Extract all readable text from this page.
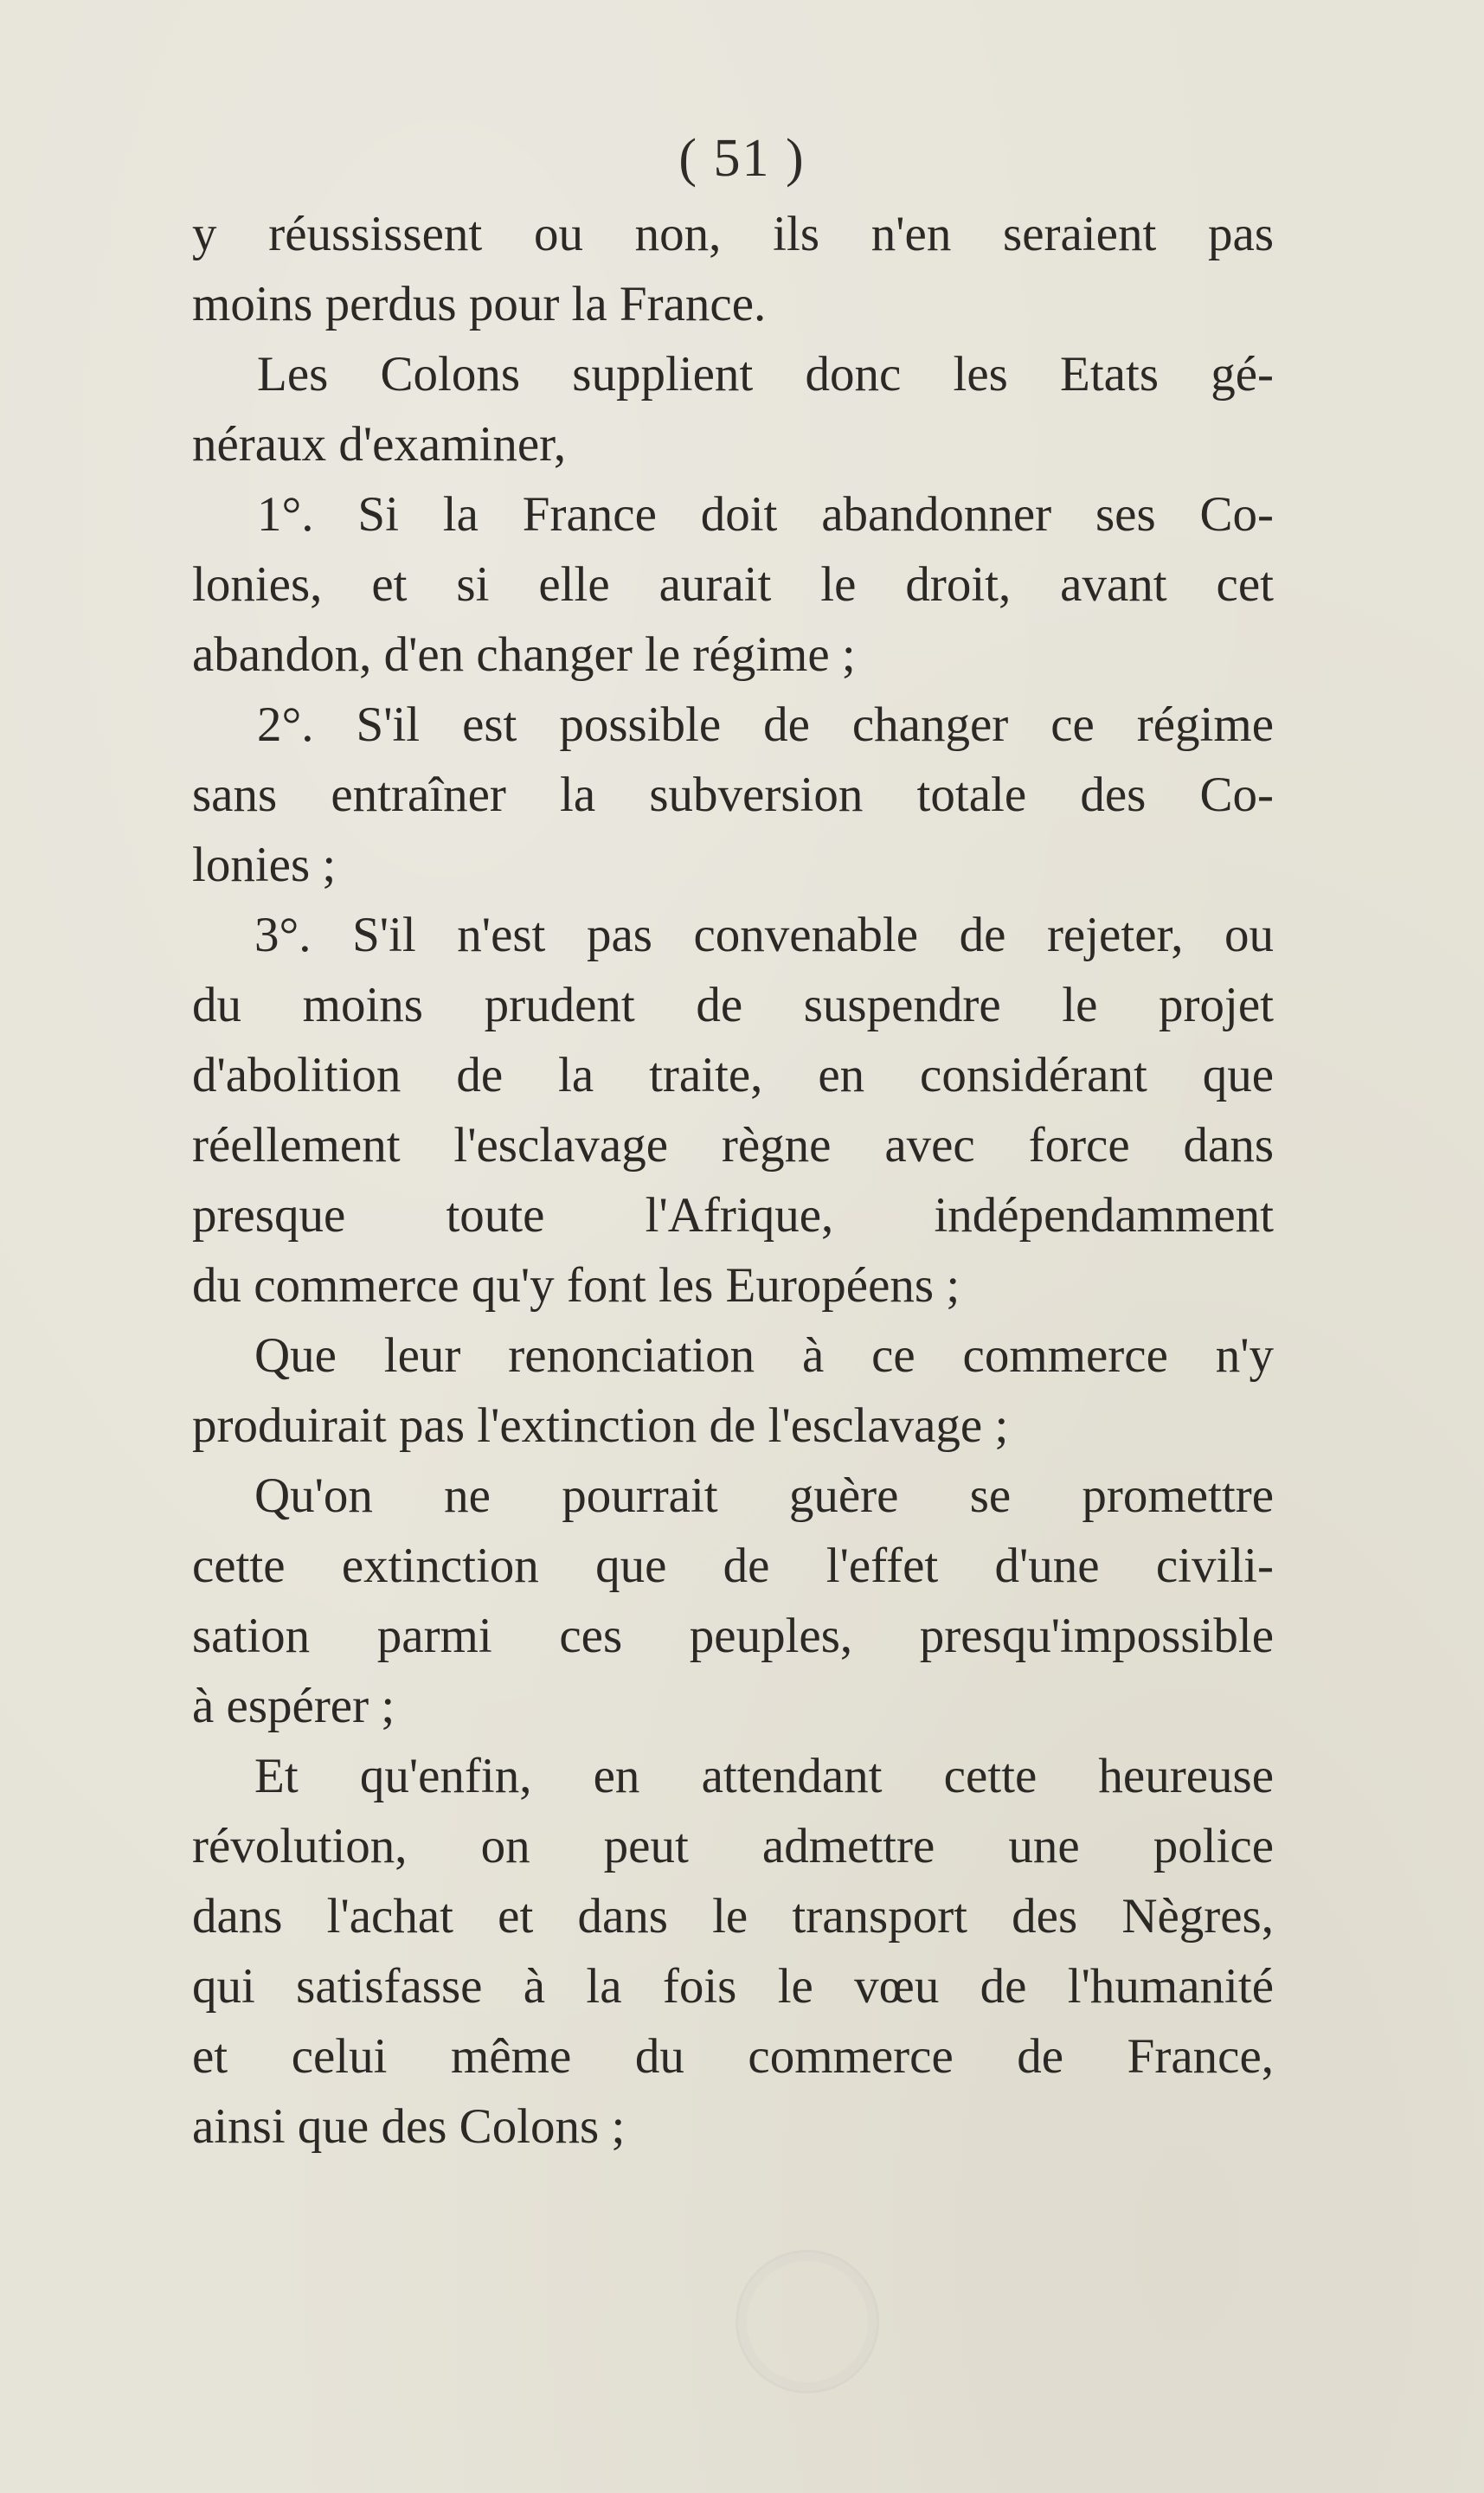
( 51 )
y réussissent ou non, ils n'en seraient pas
moins perdus pour la France.
Les Colons supplient donc les Etats gé-
néraux d'examiner,
1°. Si la France doit abandonner ses Co-
lonies, et si elle aurait le droit, avant cet
abandon, d'en changer le régime ;
2°. S'il est possible de changer ce régime
sans entraîner la subversion totale des Co-
lonies ;
3°. S'il n'est pas convenable de rejeter, ou
du moins prudent de suspendre le projet
d'abolition de la traite, en considérant que
réellement l'esclavage règne avec force dans
presque toute l'Afrique, indépendamment
du commerce qu'y font les Européens ;
Que leur renonciation à ce commerce n'y
produirait pas l'extinction de l'esclavage ;
Qu'on ne pourrait guère se promettre
cette extinction que de l'effet d'une civili-
sation parmi ces peuples, presqu'impossible
à espérer ;
Et qu'enfin, en attendant cette heureuse
révolution, on peut admettre une police
dans l'achat et dans le transport des Nègres,
qui satisfasse à la fois le vœu de l'humanité
et celui même du commerce de France,
ainsi que des Colons ;
